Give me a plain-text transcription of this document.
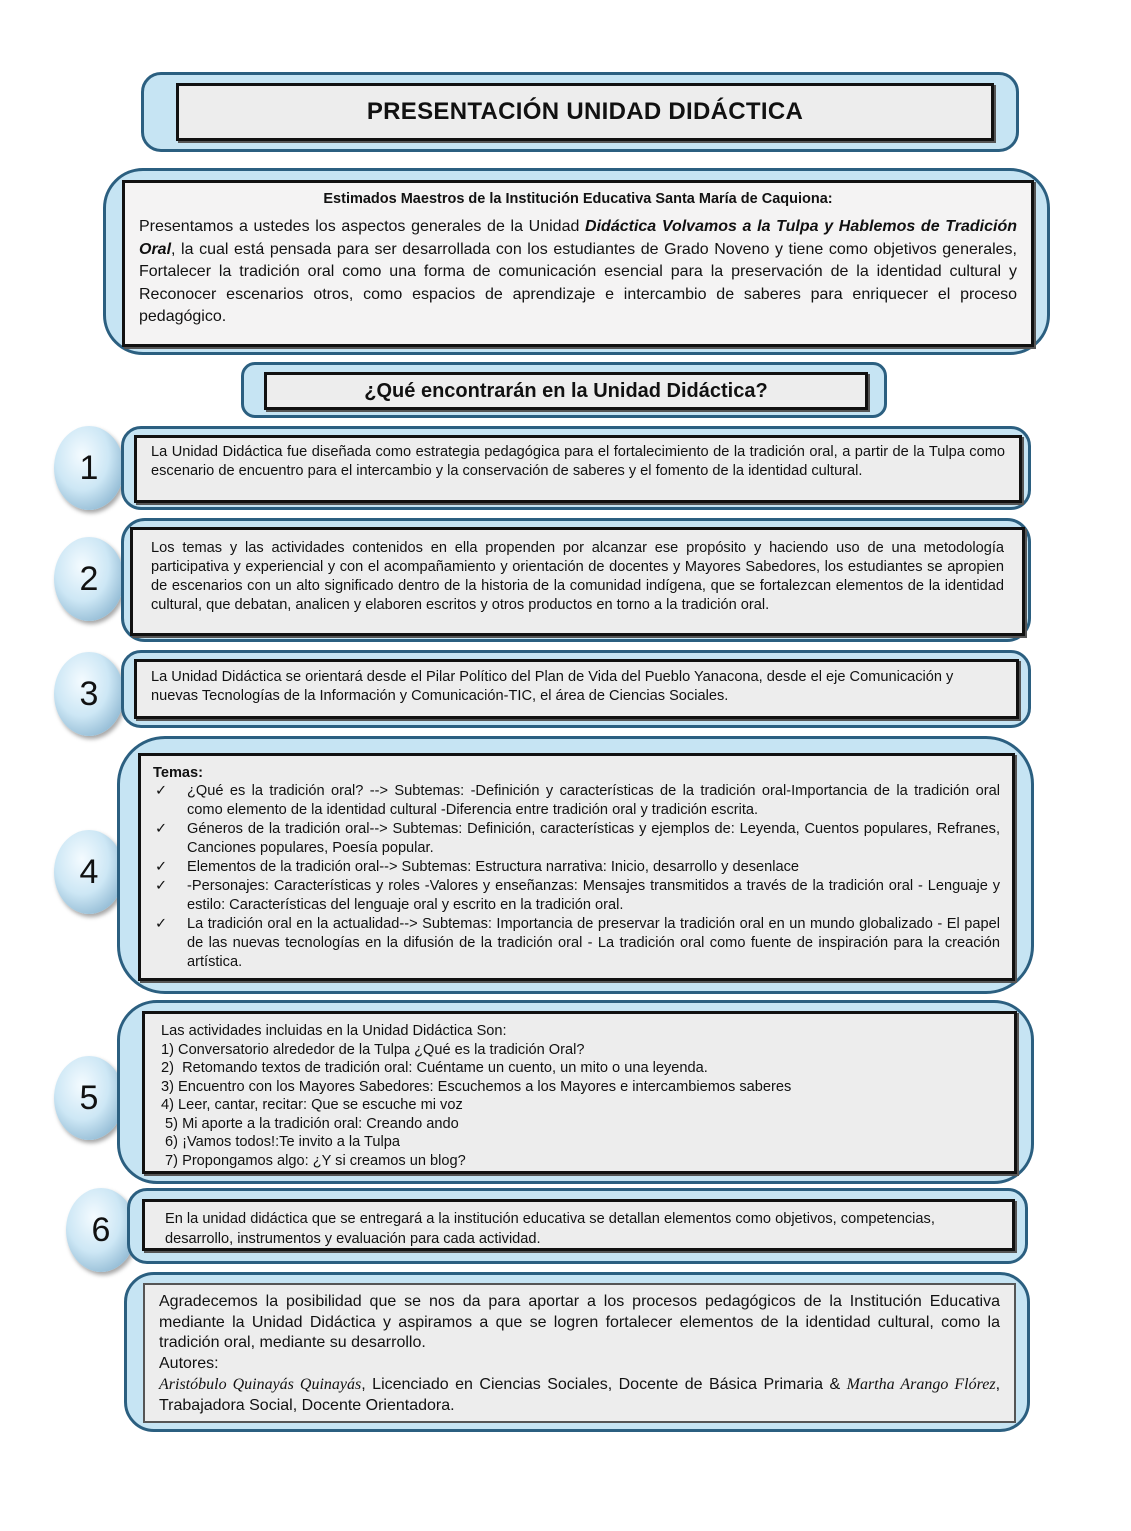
PRESENTACIÓN UNIDAD DIDÁCTICA
Estimados Maestros de la Institución Educativa Santa María de Caquiona:
Presentamos a ustedes los aspectos generales de la Unidad Didáctica Volvamos a la Tulpa y Hablemos de Tradición Oral, la cual está pensada para ser desarrollada con los estudiantes de Grado Noveno y tiene como objetivos generales, Fortalecer la tradición oral como una forma de comunicación esencial para la preservación de la identidad cultural y Reconocer escenarios otros, como espacios de aprendizaje e intercambio de saberes para enriquecer el proceso pedagógico.
¿Qué encontrarán en la Unidad Didáctica?
1	La Unidad Didáctica fue diseñada como estrategia pedagógica para el fortalecimiento de la tradición oral, a partir de la Tulpa como escenario de encuentro para el intercambio y la conservación de saberes y el fomento de la identidad cultural.
2
Los temas y las actividades contenidos en ella propenden por alcanzar ese propósito y haciendo uso de una metodología participativa y experiencial y con el acompañamiento y orientación de docentes y Mayores Sabedores, los estudiantes se apropien de escenarios con un alto significado dentro de la historia de la comunidad indígena, que se fortalezcan elementos de la identidad cultural, que debatan, analicen y elaboren escritos y otros productos en torno a la tradición oral.
3	La Unidad Didáctica se orientará desde el Pilar Político del Plan de Vida del Pueblo Yanacona, desde el eje Comunicación y nuevas Tecnologías de la Información y Comunicación-TIC, el área de Ciencias Sociales.
4
Temas:
✓ ¿Qué es la tradición oral? --> Subtemas: -Definición y características de la tradición oral-Importancia de la tradición oral como elemento de la identidad cultural -Diferencia entre tradición oral y tradición escrita.
✓ Géneros de la tradición oral--> Subtemas: Definición, características y ejemplos de: Leyenda, Cuentos populares, Refranes, Canciones populares, Poesía popular.
✓ Elementos de la tradición oral--> Subtemas: Estructura narrativa: Inicio, desarrollo y desenlace
✓ -Personajes: Características y roles -Valores y enseñanzas: Mensajes transmitidos a través de la tradición oral - Lenguaje y estilo: Características del lenguaje oral y escrito en la tradición oral.
✓ La tradición oral en la actualidad--> Subtemas: Importancia de preservar la tradición oral en un mundo globalizado - El papel de las nuevas tecnologías en la difusión de la tradición oral - La tradición oral como fuente de inspiración para la creación artística.
5
Las actividades incluidas en la Unidad Didáctica Son:
1) Conversatorio alrededor de la Tulpa ¿Qué es la tradición Oral?
2)  Retomando textos de tradición oral: Cuéntame un cuento, un mito o una leyenda.
3) Encuentro con los Mayores Sabedores: Escuchemos a los Mayores e intercambiemos saberes
4) Leer, cantar, recitar: Que se escuche mi voz
5) Mi aporte a la tradición oral: Creando ando
6) ¡Vamos todos!:Te invito a la Tulpa
7) Propongamos algo: ¿Y si creamos un blog?
6	En la unidad didáctica que se entregará a la institución educativa se detallan elementos como objetivos, competencias, desarrollo, instrumentos y evaluación para cada actividad.
Agradecemos la posibilidad que se nos da para aportar a los procesos pedagógicos de la Institución Educativa mediante la Unidad Didáctica y aspiramos a que se logren fortalecer elementos de la identidad cultural, como la tradición oral, mediante su desarrollo.
Autores:
Aristóbulo Quinayás Quinayás, Licenciado en Ciencias Sociales, Docente de Básica Primaria & Martha Arango Flórez, Trabajadora Social, Docente Orientadora.
